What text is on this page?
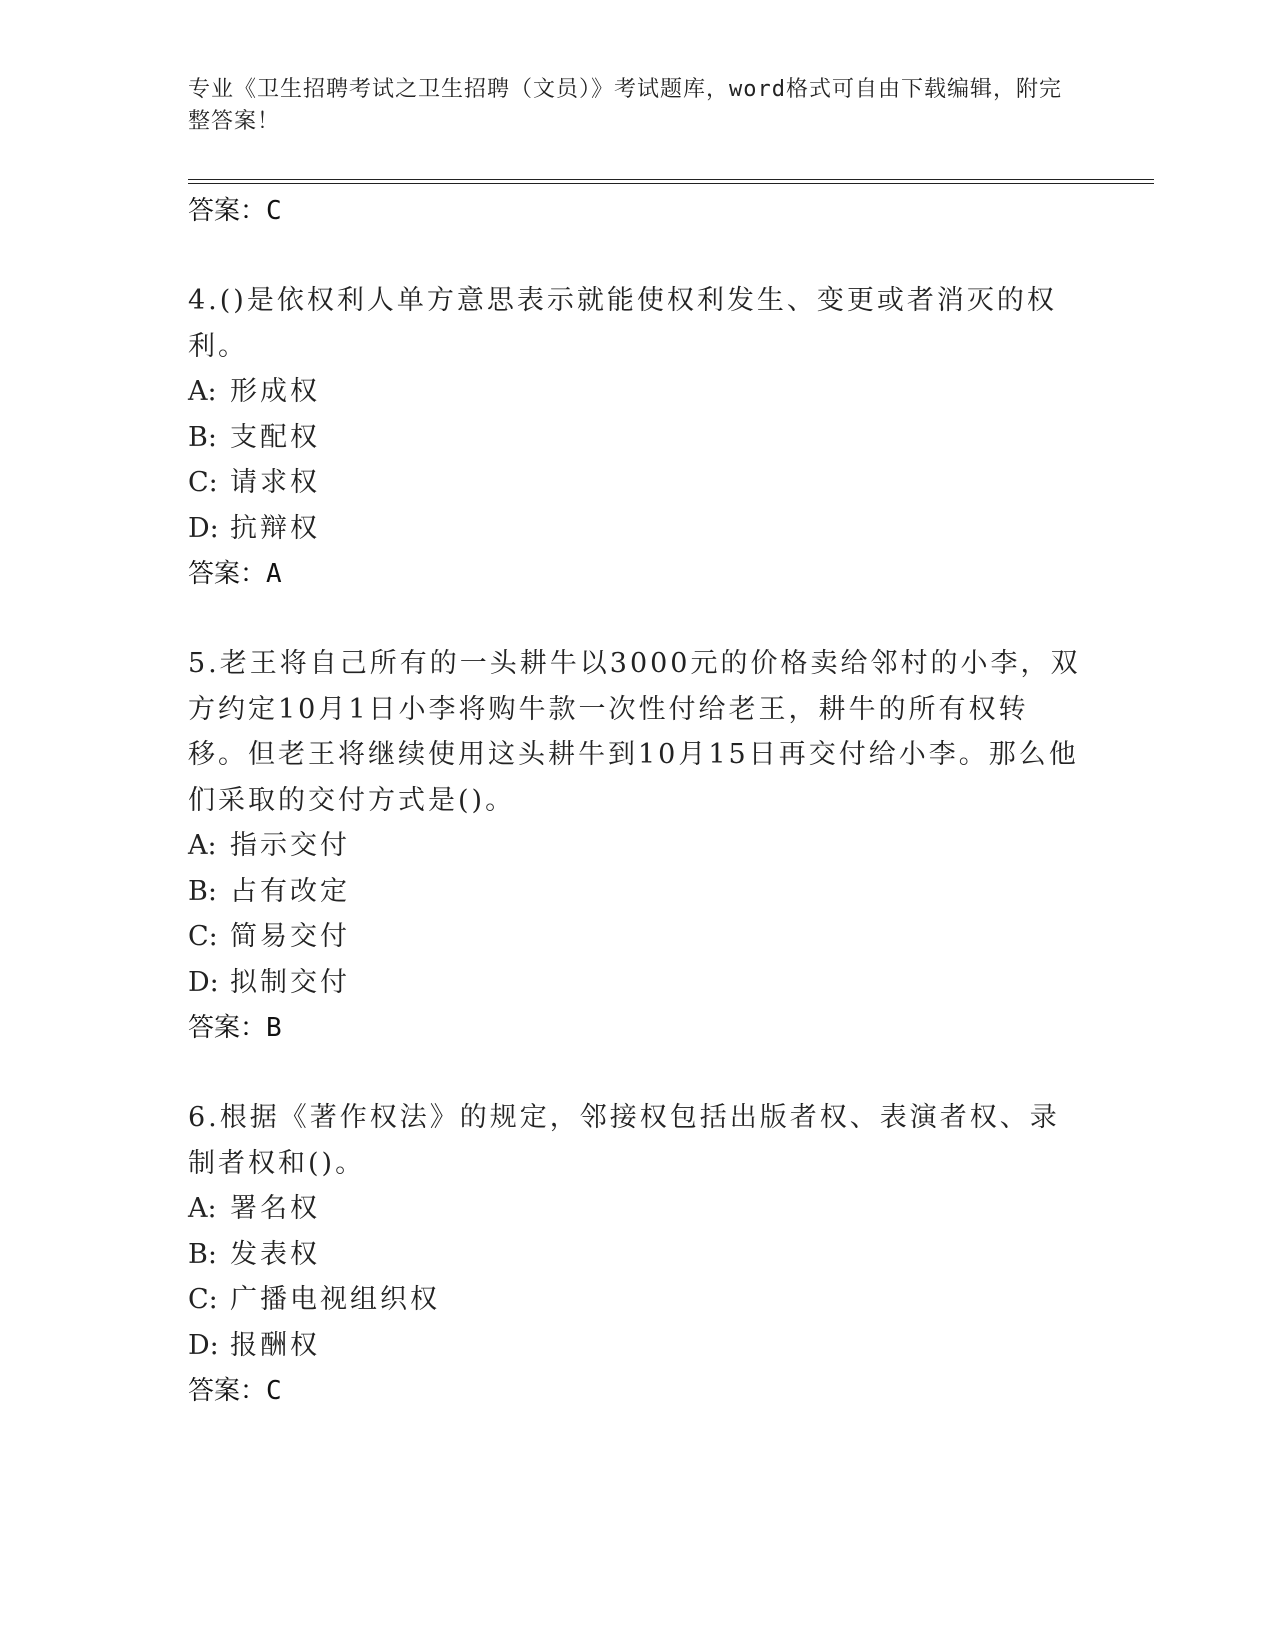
专业《卫生招聘考试之卫生招聘（文员）》考试题库，word格式可自由下载编辑，附完整答案！
答案：C
4.()是依权利人单方意思表示就能使权利发生、变更或者消灭的权利。
A: 形成权
B: 支配权
C: 请求权
D: 抗辩权
答案：A
5.老王将自己所有的一头耕牛以3000元的价格卖给邻村的小李，双方约定10月1日小李将购牛款一次性付给老王，耕牛的所有权转移。但老王将继续使用这头耕牛到10月15日再交付给小李。那么他们采取的交付方式是()。
A: 指示交付
B: 占有改定
C: 简易交付
D: 拟制交付
答案：B
6.根据《著作权法》的规定，邻接权包括出版者权、表演者权、录制者权和()。
A: 署名权
B: 发表权
C: 广播电视组织权
D: 报酬权
答案：C
